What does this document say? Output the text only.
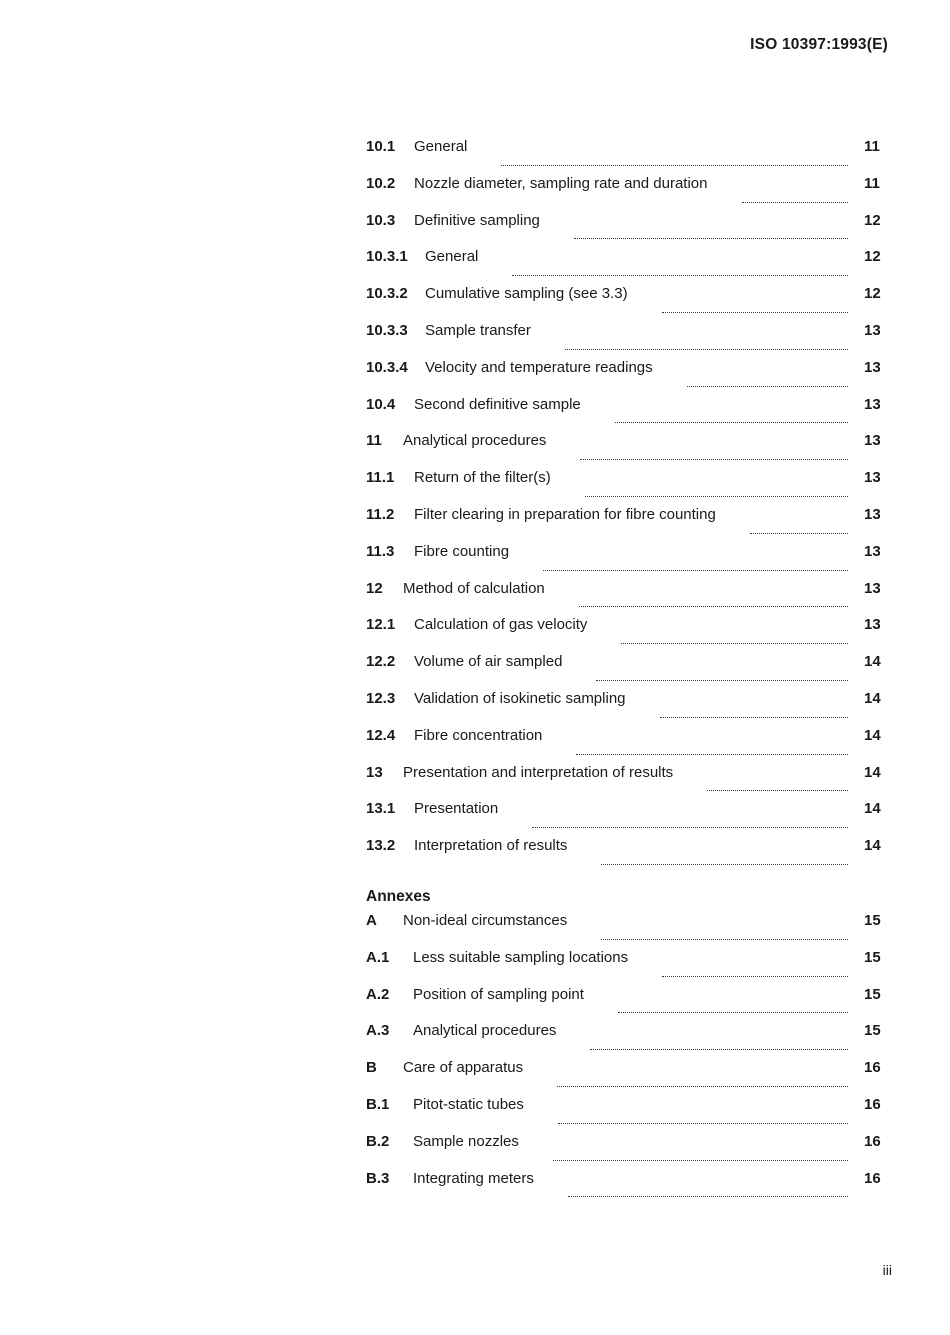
ISO 10397:1993(E)
10.1	General	11
10.2	Nozzle diameter, sampling rate and duration	11
10.3	Definitive sampling	12
10.3.1	General	12
10.3.2	Cumulative sampling (see 3.3)	12
10.3.3	Sample transfer	13
10.3.4	Velocity and temperature readings	13
10.4	Second definitive sample	13
11	Analytical procedures	13
11.1	Return of the filter(s)	13
11.2	Filter clearing in preparation for fibre counting	13
11.3	Fibre counting	13
12	Method of calculation	13
12.1	Calculation of gas velocity	13
12.2	Volume of air sampled	14
12.3	Validation of isokinetic sampling	14
12.4	Fibre concentration	14
13	Presentation and interpretation of results	14
13.1	Presentation	14
13.2	Interpretation of results	14
Annexes
A	Non-ideal circumstances	15
A.1	Less suitable sampling locations	15
A.2	Position of sampling point	15
A.3	Analytical procedures	15
B	Care of apparatus	16
B.1	Pitot-static tubes	16
B.2	Sample nozzles	16
B.3	Integrating meters	16
iii
